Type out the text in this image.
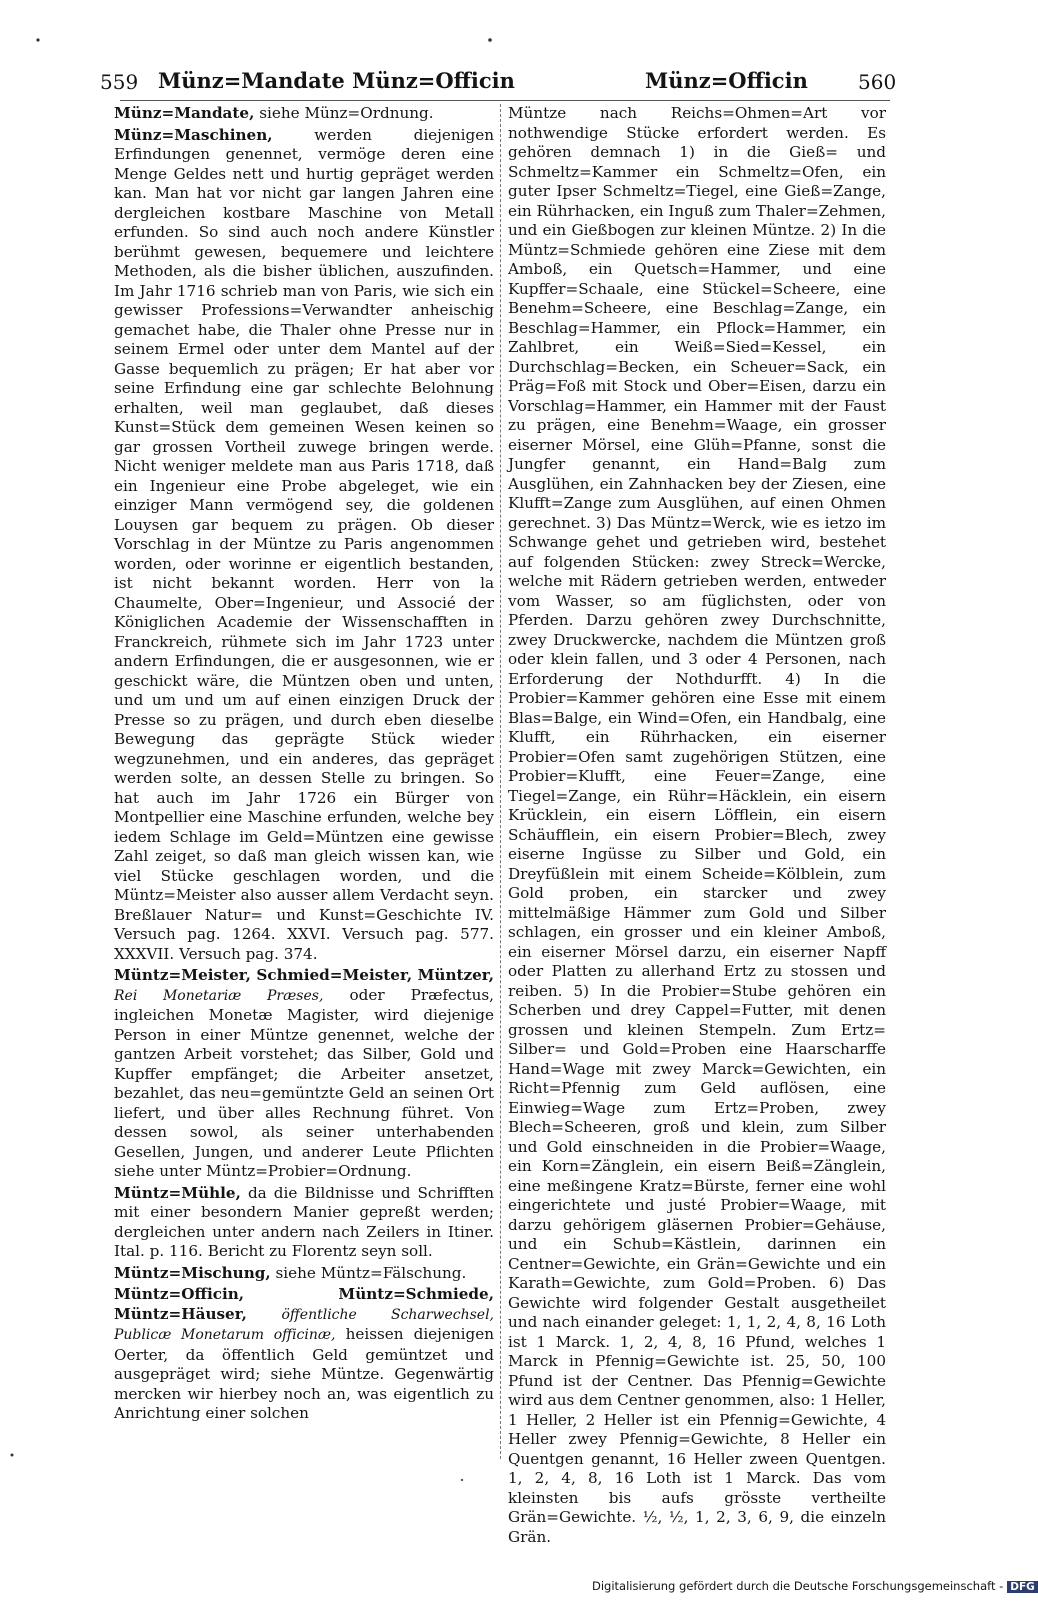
559 Münz=Mandate Münz=Officin	Münz=Officin	560

Münz=Mandate, siehe Münz=Ordnung.

Münz=Maschinen,	werden diejenigen Erfindungen genennet, vermöge deren eine Menge Geldes nett und hurtig gepräget werden kan. Man hat vor nicht gar langen Jahren eine dergleichen kostbare Maschine von Metall erfunden. So sind auch noch andere Künstler berühmt gewesen, bequemere und leichtere Methoden, als die bisher üblichen, auszufinden. Im Jahr 1716 schrieb man von Paris, wie sich ein gewisser Professions=Verwandter anheischig gemachet habe, die Thaler ohne Presse nur in seinem Ermel oder unter dem Mantel auf der Gasse bequemlich zu prägen; Er hat aber vor seine Erfindung eine gar schlechte Belohnung erhalten, weil man geglaubet, daß dieses Kunst=Stück dem gemeinen Wesen keinen so gar grossen Vortheil zuwege bringen werde. Nicht weniger meldete man aus Paris 1718, daß ein Ingenieur eine Probe abgeleget, wie ein einziger Mann vermögend sey, die goldenen Louysen gar bequem zu prägen. Ob dieser Vorschlag in der Müntze zu Paris angenommen worden, oder worinne er eigentlich bestanden, ist nicht bekannt worden. Herr von la Chaumelte, Ober=Ingenieur, und Associé der Königlichen Academie der Wissenschafften in Franckreich, rühmete sich im Jahr 1723 unter andern Erfindungen, die er ausgesonnen, wie er geschickt wäre, die Müntzen oben und unten, und um und um auf einen einzigen Druck der Presse so zu prägen, und durch eben dieselbe Bewegung das geprägte Stück wieder wegzunehmen, und ein anderes, das gepräget werden solte, an dessen Stelle zu bringen. So hat auch im Jahr 1726 ein Bürger von Montpellier eine Maschine erfunden, welche bey iedem Schlage im Geld=Müntzen eine gewisse Zahl zeiget, so daß man gleich wissen kan, wie viel Stücke geschlagen worden, und die Müntz=Meister also ausser allem Verdacht seyn. Breßlauer Natur= und Kunst=Geschichte IV. Versuch pag. 1264. XXVI. Versuch pag. 577. XXXVII. Versuch pag. 374.

Müntz=Meister, Schmied=Meister, Müntzer, Rei Monetariæ Præses, oder Præfectus, ingleichen Monetæ Magister, wird diejenige Person in einer Müntze genennet, welche der gantzen Arbeit vorstehet; das Silber, Gold und Kupffer empfänget; die Arbeiter ansetzet, bezahlet, das neu=gemüntzte Geld an seinen Ort liefert, und über alles Rechnung führet. Von dessen sowol, als seiner unterhabenden Gesellen, Jungen, und anderer Leute Pflichten siehe unter Müntz=Probier=Ordnung.

Müntz=Mühle, da die Bildnisse und Schrifften mit einer besondern Manier gepreßt werden; dergleichen unter andern nach Zeilers in Itiner. Ital. p. 116. Bericht zu Florentz seyn soll.

Müntz=Mischung, siehe Müntz=Fälschung.

Müntz=Officin, Müntz=Schmiede, Müntz=Häuser, öffentliche Scharwechsel, Publicæ Monetarum officinæ, heissen diejenigen Oerter, da öffentlich Geld gemüntzet und ausgepräget wird; siehe Müntze. Gegenwärtig mercken wir hierbey noch an, was eigentlich zu Anrichtung einer solchen

Müntze nach Reichs=Ohmen=Art vor nothwendige Stücke erfordert werden. Es gehören demnach 1) in die Gieß= und Schmeltz=Kammer ein Schmeltz=Ofen, ein guter Ipser Schmeltz=Tiegel, eine Gieß=Zange, ein Rührhacken, ein Inguß zum Thaler=Zehmen, und ein Gießbogen zur kleinen Müntze. 2) In die Müntz=Schmiede gehören eine Ziese mit dem Amboß, ein Quetsch=Hammer, und eine Kupffer=Schaale, eine Stückel=Scheere, eine Benehm=Scheere, eine Beschlag=Zange, ein Beschlag=Hammer, ein Pflock=Hammer, ein Zahlbret, ein Weiß=Sied=Kessel, ein Durchschlag=Becken, ein Scheuer=Sack, ein Präg=Foß mit Stock und Ober=Eisen, darzu ein Vorschlag=Hammer, ein Hammer mit der Faust zu prägen, eine Benehm=Waage, ein grosser eiserner Mörsel, eine Glüh=Pfanne, sonst die Jungfer genannt, ein Hand=Balg zum Ausglühen, ein Zahnhacken bey der Ziesen, eine Klufft=Zange zum Ausglühen, auf einen Ohmen gerechnet. 3) Das Müntz=Werck, wie es ietzo im Schwange gehet und getrieben wird, bestehet auf folgenden Stücken: zwey Streck=Wercke, welche mit Rädern getrieben werden, entweder vom Wasser, so am füglichsten, oder von Pferden. Darzu gehören zwey Durchschnitte, zwey Druckwercke, nachdem die Müntzen groß oder klein fallen, und 3 oder 4 Personen, nach Erforderung der Nothdurfft. 4) In die Probier=Kammer gehören eine Esse mit einem Blas=Balge, ein Wind=Ofen, ein Handbalg, eine Klufft, ein Rührhacken, ein eiserner Probier=Ofen samt zugehörigen Stützen, eine Probier=Klufft, eine Feuer=Zange, eine Tiegel=Zange, ein Rühr=Häcklein, ein eisern Krücklein, ein eisern Löfflein, ein eisern Schäufflein, ein eisern Probier=Blech, zwey eiserne Ingüsse zu Silber und Gold, ein Dreyfüßlein mit einem Scheide=Kölblein, zum Gold proben, ein starcker und zwey mittelmäßige Hämmer zum Gold und Silber schlagen, ein grosser und ein kleiner Amboß, ein eiserner Mörsel darzu, ein eiserner Napff oder Platten zu allerhand Ertz zu stossen und reiben. 5) In die Probier=Stube gehören ein Scherben und drey Cappel=Futter, mit denen grossen und kleinen Stempeln. Zum Ertz= Silber= und Gold=Proben eine Haarscharffe Hand=Wage mit zwey Marck=Gewichten, ein Richt=Pfennig zum Geld auflösen, eine Einwieg=Wage zum Ertz=Proben, zwey Blech=Scheeren, groß und klein, zum Silber und Gold einschneiden in die Probier=Waage, ein Korn=Zänglein, ein eisern Beiß=Zänglein, eine meßingene Kratz=Bürste, ferner eine wohl eingerichtete und justé Probier=Waage, mit darzu gehörigem gläsernen Probier=Gehäuse, und ein Schub=Kästlein, darinnen ein Centner=Gewichte, ein Grän=Gewichte und ein Karath=Gewichte, zum Gold=Proben. 6) Das Gewichte wird folgender Gestalt ausgetheilet und nach einander geleget: 1, 1, 2, 4, 8, 16 Loth ist 1 Marck. 1, 2, 4, 8, 16 Pfund, welches 1 Marck in Pfennig=Gewichte ist. 25, 50, 100 Pfund ist der Centner. Das Pfennig=Gewichte wird aus dem Centner genommen, also: 1 Heller, 1 Heller, 2 Heller ist ein Pfennig=Gewichte, 4 Heller zwey Pfennig=Gewichte, 8 Heller ein Quentgen genannt, 16 Heller zween Quentgen. 1, 2, 4, 8, 16 Loth ist 1 Marck. Das vom kleinsten bis aufs grösste vertheilte Grän=Gewichte. ½, ½, 1, 2, 3, 6, 9, die einzeln Grän.

Digitalisierung gefördert durch die Deutsche Forschungsgemeinschaft - DFG
